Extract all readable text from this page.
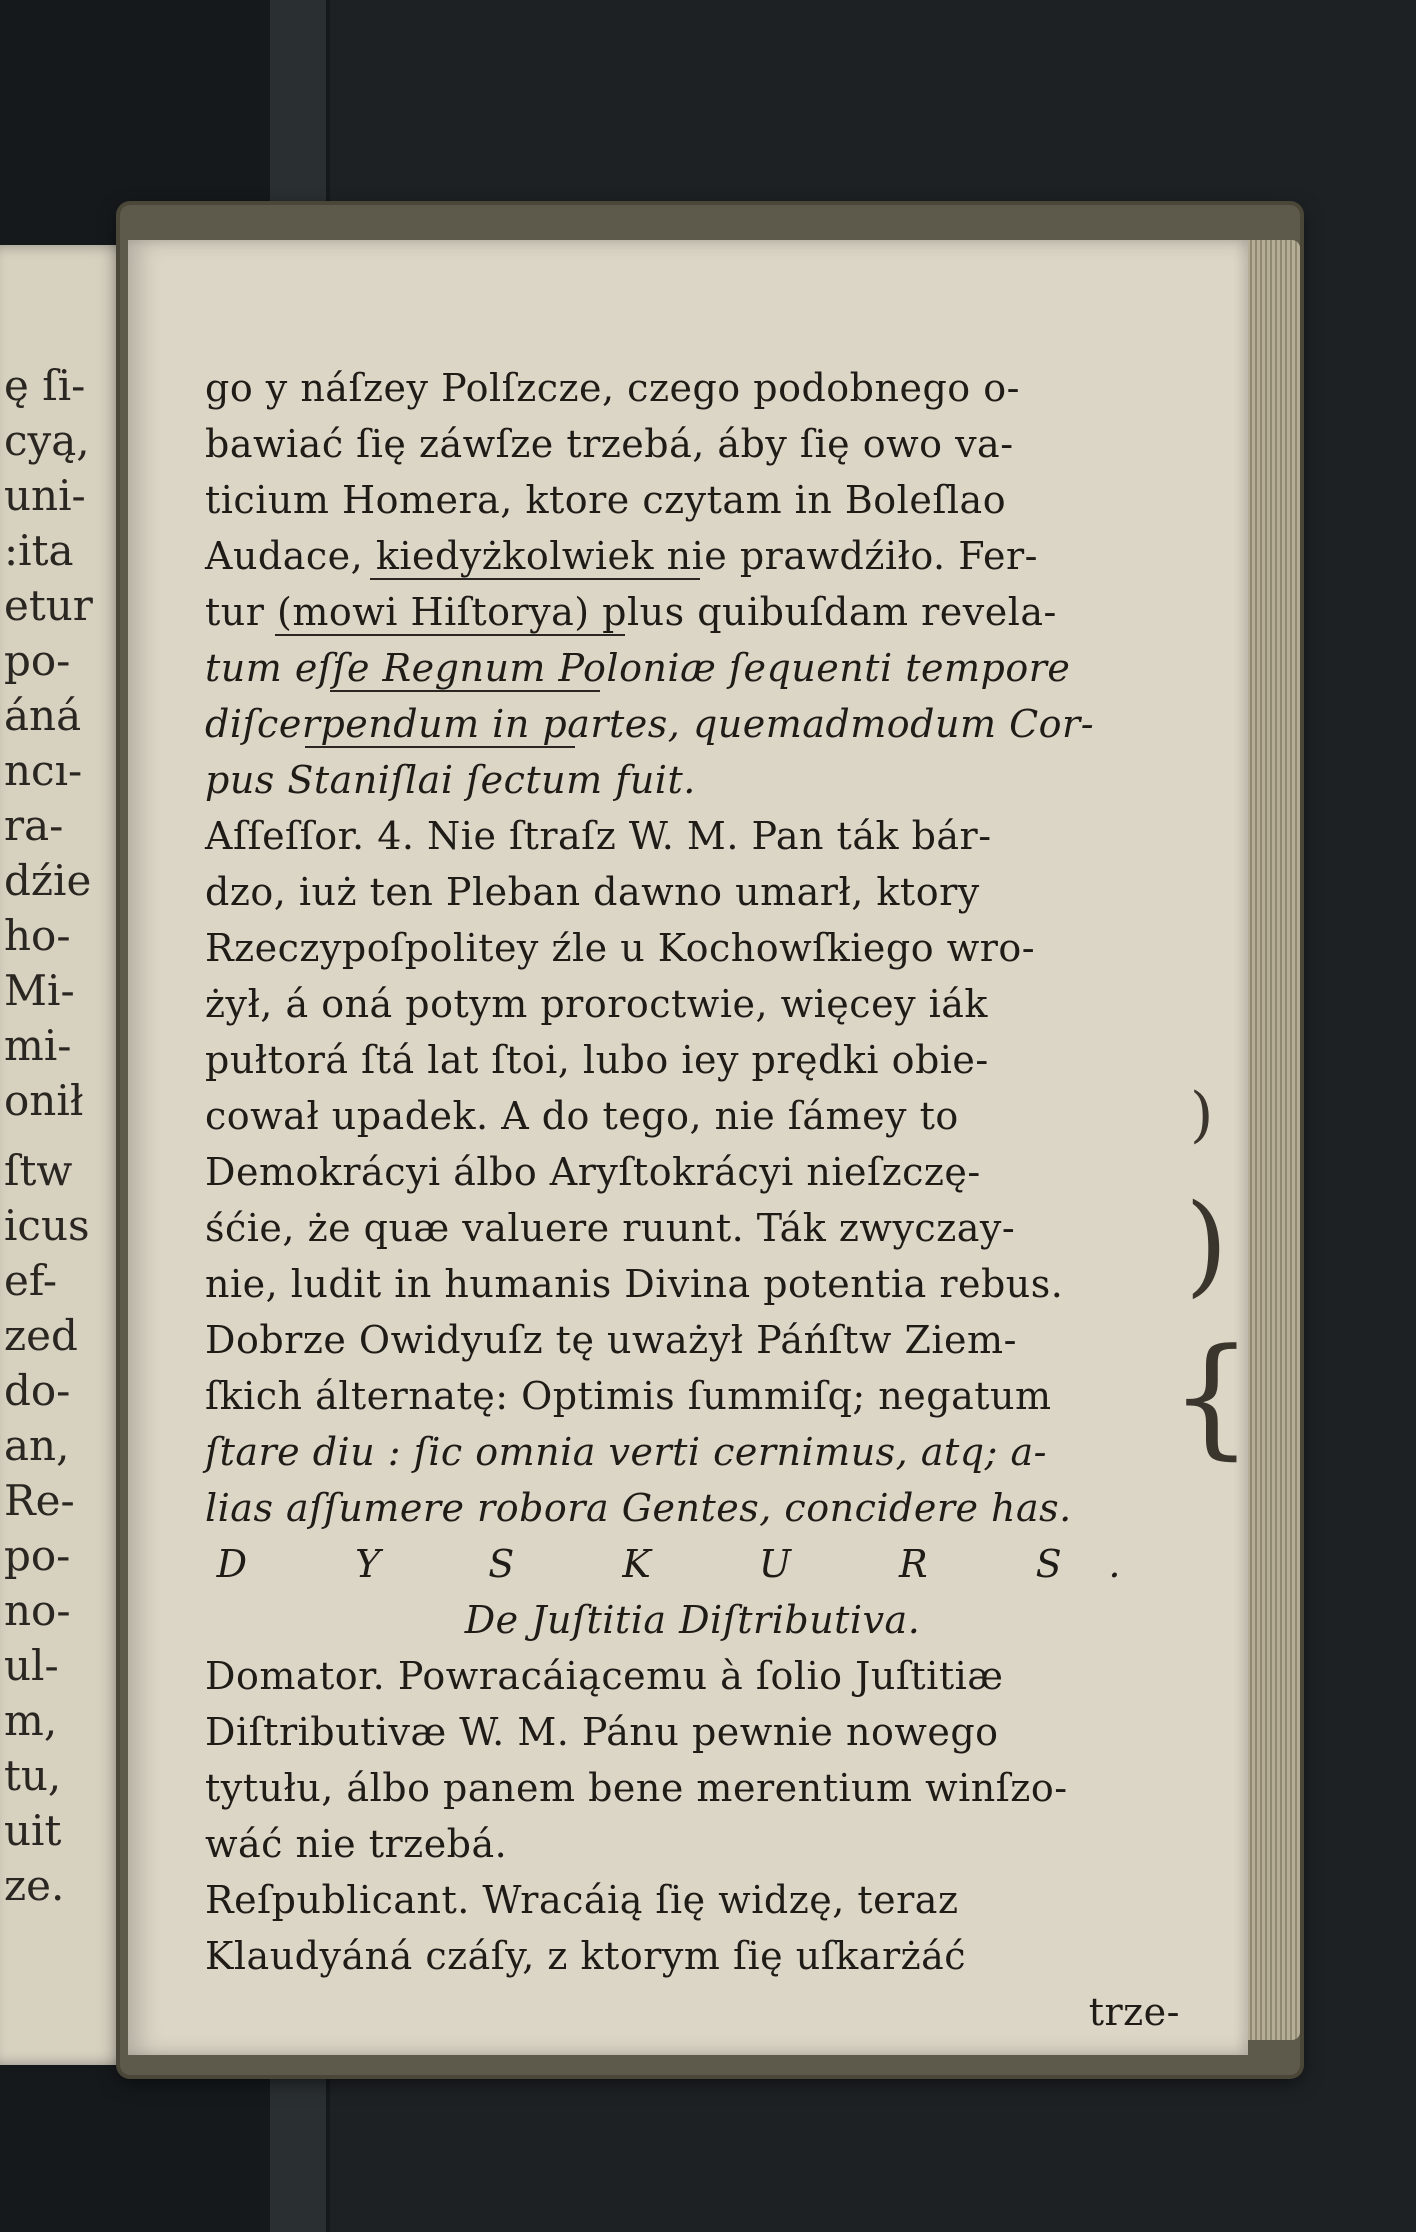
ę ſi-
cyą,
uni-
:ita
etur
po-
áná
ncı-
ra-
dźie
ho-
Mi-
mi-
onił
ſtw
icus
ef-
zed
do-
an,
Re-
po-
no-
ul-
m,
tu,
uit
ze.
go y náſzey Polſzcze, czego podobnego o-
bawiać ſię záwſze trzebá, áby ſię owo va-
ticium Homera, ktore czytam in Boleſlao
Audace, kiedyżkolwiek nie prawdźiło. Fer-
tur (mowi Hiſtorya) plus quibuſdam revela-
tum eſſe Regnum Poloniæ ſequenti tempore
diſcerpendum in partes, quemadmodum Cor-
pus Staniſlai ſectum fuit.
Aſſeſſor. 4. Nie ſtraſz W. M. Pan ták bár-
dzo, iuż ten Pleban dawno umarł, ktory
Rzeczypoſpolitey źle u Kochowſkiego wro-
żył, á oná potym proroctwie, więcey iák
pułtorá ſtá lat ſtoi, lubo iey prędki obie-
cował upadek. A do tego, nie ſámey to
Demokrácyi álbo Aryſtokrácyi nieſzczę-
śćie, że quæ valuere ruunt. Ták zwyczay-
nie, ludit in humanis Divina potentia rebus.
Dobrze Owidyuſz tę uważył Páńſtw Ziem-
ſkich álternatę: Optimis ſummiſq; negatum
ſtare diu : ſic omnia verti cernimus, atq; a-
lias aſſumere robora Gentes, concidere has.
D Y S K U R S.
De Juſtitia Diſtributiva.
Domator. Powracáiącemu à ſolio Juſtitiæ
Diſtributivæ W. M. Pánu pewnie nowego
tytułu, álbo panem bene merentium winſzo-
wáć nie trzebá.
Reſpublicant. Wracáią ſię widzę, teraz
Klaudyáná czáſy, z ktorym ſię uſkarżáć
trze-
)
)
{
